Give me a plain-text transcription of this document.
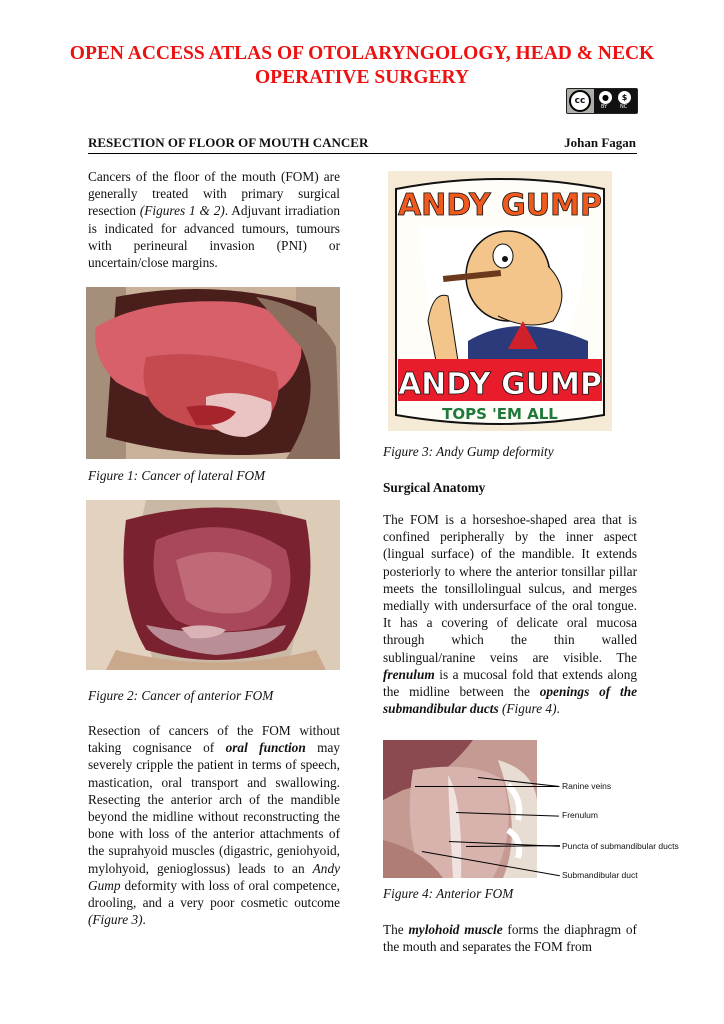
OPEN ACCESS ATLAS OF OTOLARYNGOLOGY, HEAD & NECK OPERATIVE SURGERY
cc	●	$
BY	NC
RESECTION OF FLOOR OF MOUTH CANCER	Johan Fagan

Cancers of the floor of the mouth (FOM) are generally treated with primary surgical resection (Figures 1 & 2). Adjuvant irradiation is indicated for advanced tumours, tumours with perineural invasion (PNI) or uncertain/close margins.

Figure 1: Cancer of lateral FOM
Figure 2: Cancer of anterior FOM

Resection of cancers of the FOM without taking cognisance of oral function may severely cripple the patient in terms of speech, mastication, oral transport and swallowing. Resecting the anterior arch of the mandible beyond the midline without reconstructing the bone with loss of the anterior attachments of the suprahyoid muscles (digastric, geniohyoid, mylohyoid, genioglossus) leads to an Andy Gump deformity with loss of oral competence, drooling, and a very poor cosmetic outcome (Figure 3).

ANDY GUMP
ANDY GUMP
TOPS 'EM ALL
Figure 3: Andy Gump deformity
Surgical Anatomy

The FOM is a horseshoe-shaped area that is confined peripherally by the inner aspect (lingual surface) of the mandible. It extends posteriorly to where the anterior tonsillar pillar meets the tonsillolingual sulcus, and merges medially with undersurface of the oral tongue. It has a covering of delicate oral mucosa through which the thin walled sublingual/ranine veins are visible. The frenulum is a mucosal fold that extends along the midline between the openings of the submandibular ducts (Figure 4).

Ranine veins
Frenulum
Puncta of submandibular ducts
Submandibular duct
Figure 4: Anterior FOM

The mylohoid muscle forms the diaphragm of the mouth and separates the FOM from
